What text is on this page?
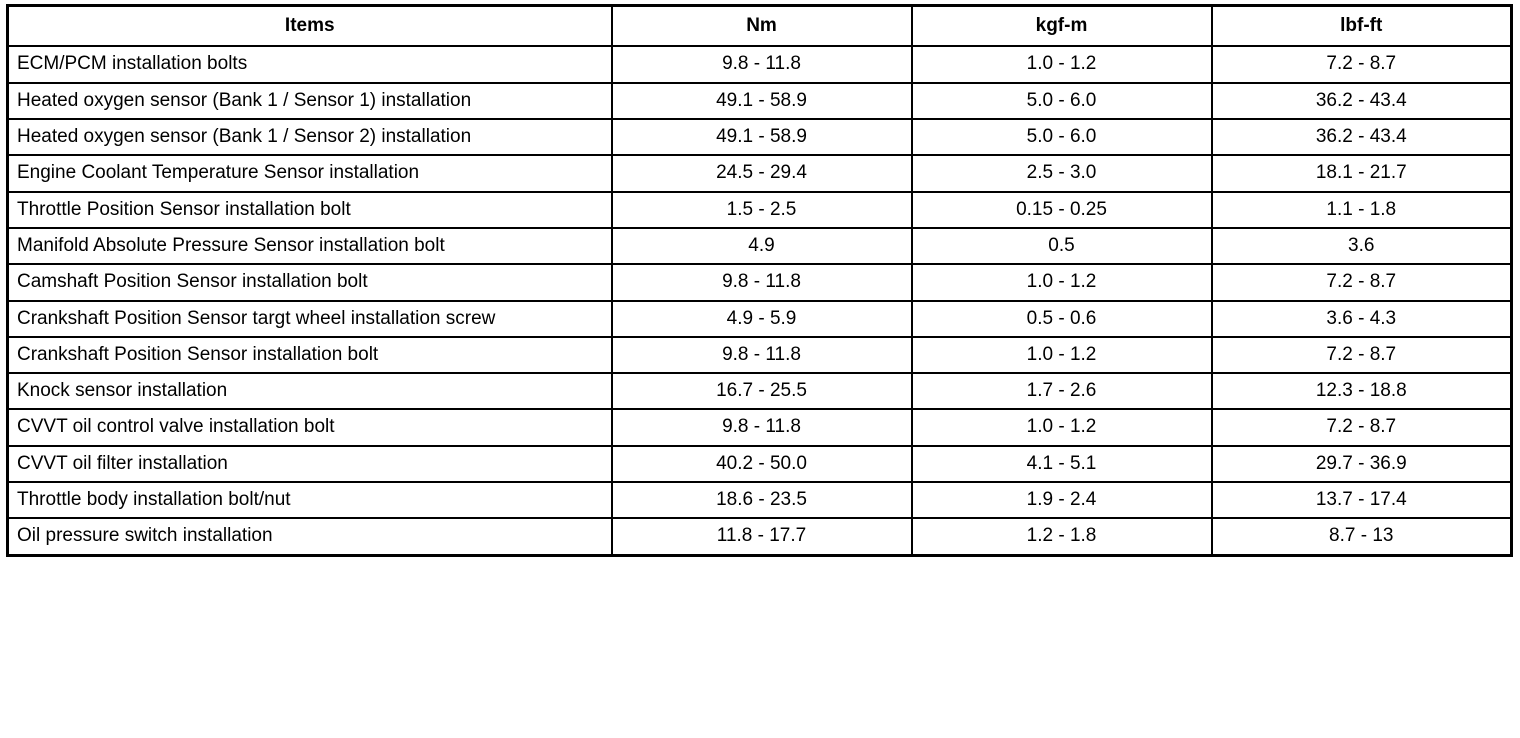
Items	Nm	kgf-m	lbf-ft
ECM/PCM installation bolts	9.8 - 11.8	1.0 - 1.2	7.2 - 8.7
Heated oxygen sensor (Bank 1 / Sensor 1) installation	49.1 - 58.9	5.0 - 6.0	36.2 - 43.4
Heated oxygen sensor (Bank 1 / Sensor 2) installation	49.1 - 58.9	5.0 - 6.0	36.2 - 43.4
Engine Coolant Temperature Sensor installation	24.5 - 29.4	2.5 - 3.0	18.1 - 21.7
Throttle Position Sensor installation bolt	1.5 - 2.5	0.15 - 0.25	1.1 - 1.8
Manifold Absolute Pressure Sensor installation bolt	4.9	0.5	3.6
Camshaft Position Sensor installation bolt	9.8 - 11.8	1.0 - 1.2	7.2 - 8.7
Crankshaft Position Sensor targt wheel installation screw	4.9 - 5.9	0.5 - 0.6	3.6 - 4.3
Crankshaft Position Sensor installation bolt	9.8 - 11.8	1.0 - 1.2	7.2 - 8.7
Knock sensor installation	16.7 - 25.5	1.7 - 2.6	12.3 - 18.8
CVVT oil control valve installation bolt	9.8 - 11.8	1.0 - 1.2	7.2 - 8.7
CVVT oil filter installation	40.2 - 50.0	4.1 - 5.1	29.7 - 36.9
Throttle body installation bolt/nut	18.6 - 23.5	1.9 - 2.4	13.7 - 17.4
Oil pressure switch installation	11.8 - 17.7	1.2 - 1.8	8.7 - 13
